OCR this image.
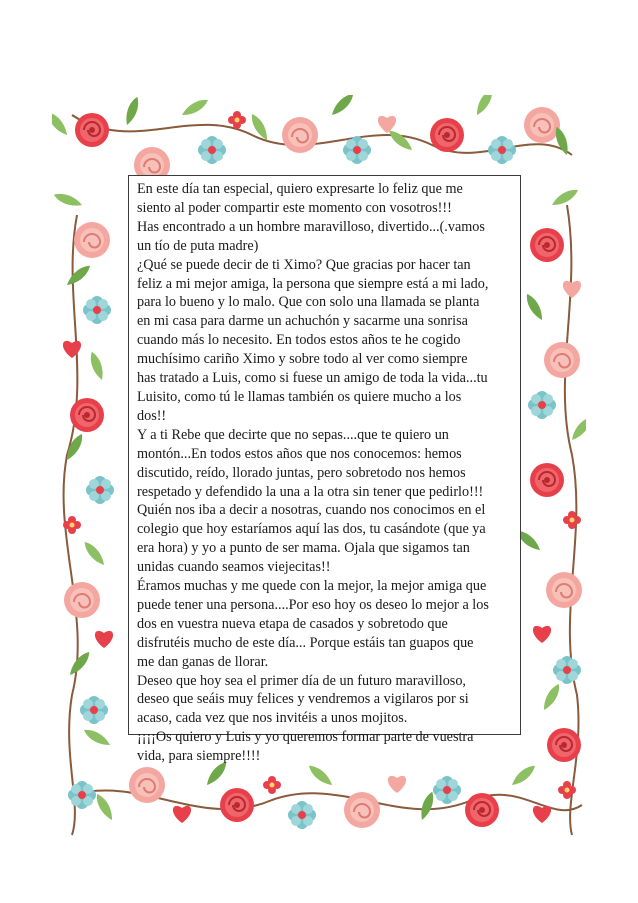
En este día tan especial, quiero expresarte lo feliz que me
siento al poder compartir este momento con vosotros!!!
Has encontrado a un hombre maravilloso, divertido...(.vamos
un tío de puta madre)
¿Qué se puede decir de ti Ximo? Que gracias por hacer tan
feliz a mi mejor amiga, la persona que siempre está a mi lado,
para lo bueno y lo malo. Que con solo una llamada se planta
en mi casa para darme un achuchón y sacarme una sonrisa
cuando más lo necesito. En todos estos años te he cogido
muchísimo cariño Ximo y sobre todo al ver como siempre
has tratado a Luis, como si fuese un amigo de toda la vida...tu
Luisito, como tú le llamas también os quiere mucho a los
dos!!
Y a ti Rebe que decirte que no sepas....que te quiero un
montón...En todos estos años que nos conocemos: hemos
discutido, reído, llorado juntas, pero sobretodo nos hemos
respetado y defendido la una a la otra sin tener que pedirlo!!!
Quién nos iba a decir a nosotras, cuando nos conocimos en el
colegio que hoy estaríamos aquí las dos, tu casándote (que ya
era hora) y yo a punto de ser mama. Ojala que sigamos tan
unidas cuando seamos viejecitas!!
Éramos muchas y me quede con la mejor, la mejor amiga que
puede tener una persona....Por eso hoy os deseo lo mejor a los
dos en vuestra nueva etapa de casados y sobretodo que
disfrutéis mucho de este día... Porque estáis tan guapos que
me dan ganas de llorar.
Deseo que hoy sea el primer día de un futuro maravilloso,
deseo que seáis muy felices y vendremos a vigilaros por si
acaso, cada vez que nos invitéis a unos mojitos.
¡¡¡¡Os quiero y Luis y yo queremos formar parte de vuestra
vida, para siempre!!!!
